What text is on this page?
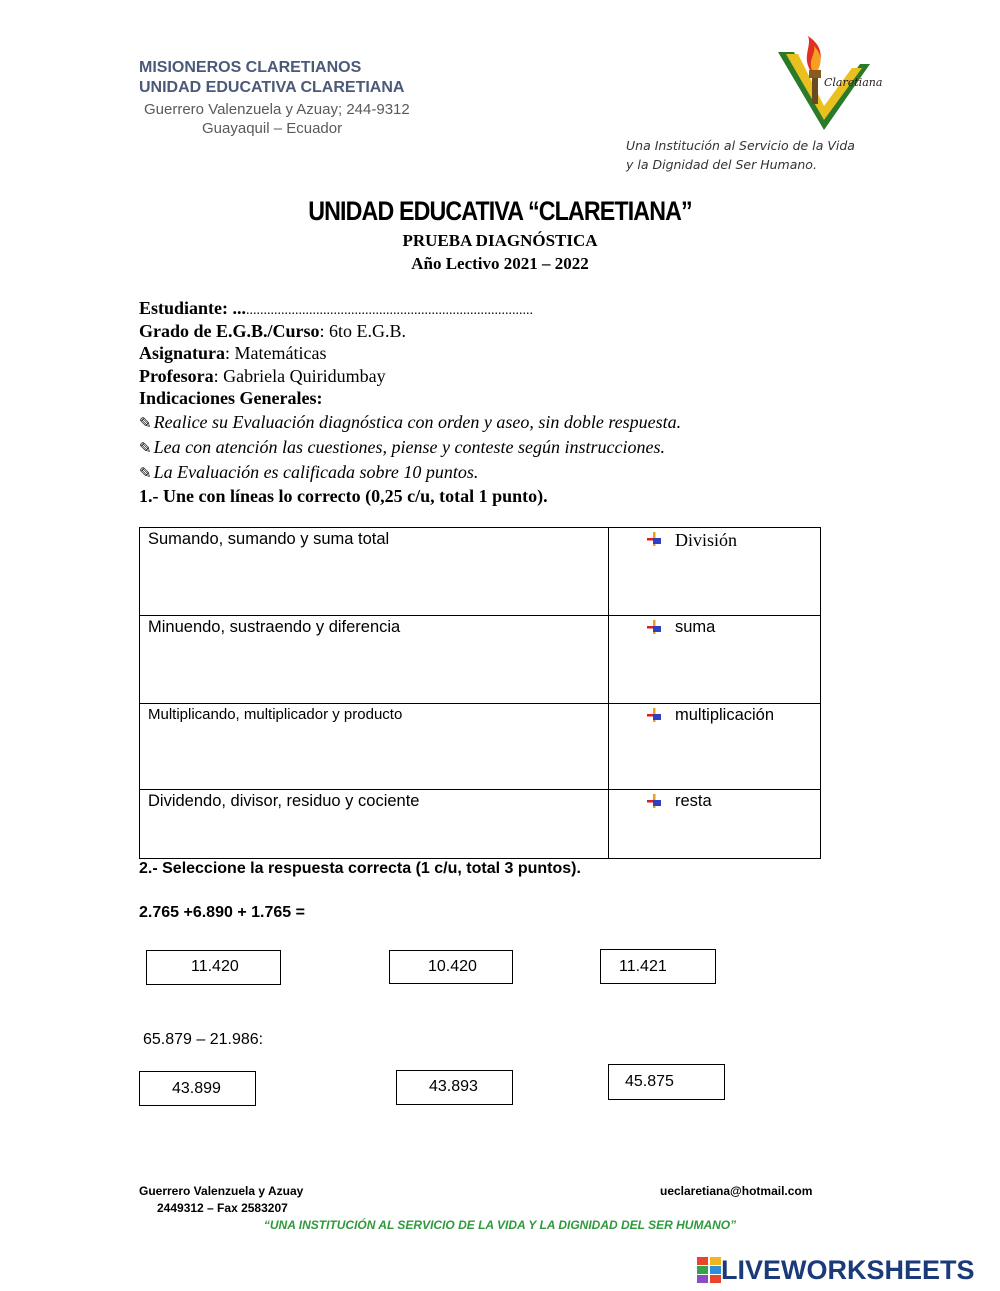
MISIONEROS CLARETIANOS
UNIDAD EDUCATIVA CLARETIANA
Guerrero Valenzuela y Azuay; 244-9312
Guayaquil – Ecuador
Claretiana
Una Institución al Servicio de la Vida
y la Dignidad del Ser Humano.
UNIDAD EDUCATIVA “CLARETIANA”
PRUEBA DIAGNÓSTICA
Año Lectivo 2021 – 2022
Estudiante: .....................................................................................
Grado de E.G.B./Curso: 6to E.G.B.
Asignatura: Matemáticas
Profesora: Gabriela Quiridumbay
Indicaciones Generales:
✎ Realice su Evaluación diagnóstica con orden y aseo, sin doble respuesta.
✎ Lea con atención las cuestiones, piense y conteste según instrucciones.
✎ La Evaluación es calificada sobre 10 puntos.
1.- Une con líneas lo correcto (0,25 c/u, total 1 punto).
Sumando, sumando y suma total	División
Minuendo, sustraendo y diferencia	suma
Multiplicando, multiplicador y producto	multiplicación
Dividendo, divisor, residuo y cociente	resta
2.- Seleccione la respuesta correcta (1 c/u, total 3 puntos).
2.765 +6.890 + 1.765 =
11.420	10.420	11.421
65.879 – 21.986:
43.899	43.893	45.875
Guerrero Valenzuela y Azuay
2449312 – Fax 2583207
ueclaretiana@hotmail.com
“UNA INSTITUCIÓN AL SERVICIO DE LA VIDA Y LA DIGNIDAD DEL SER HUMANO”
LIVEWORKSHEETS
